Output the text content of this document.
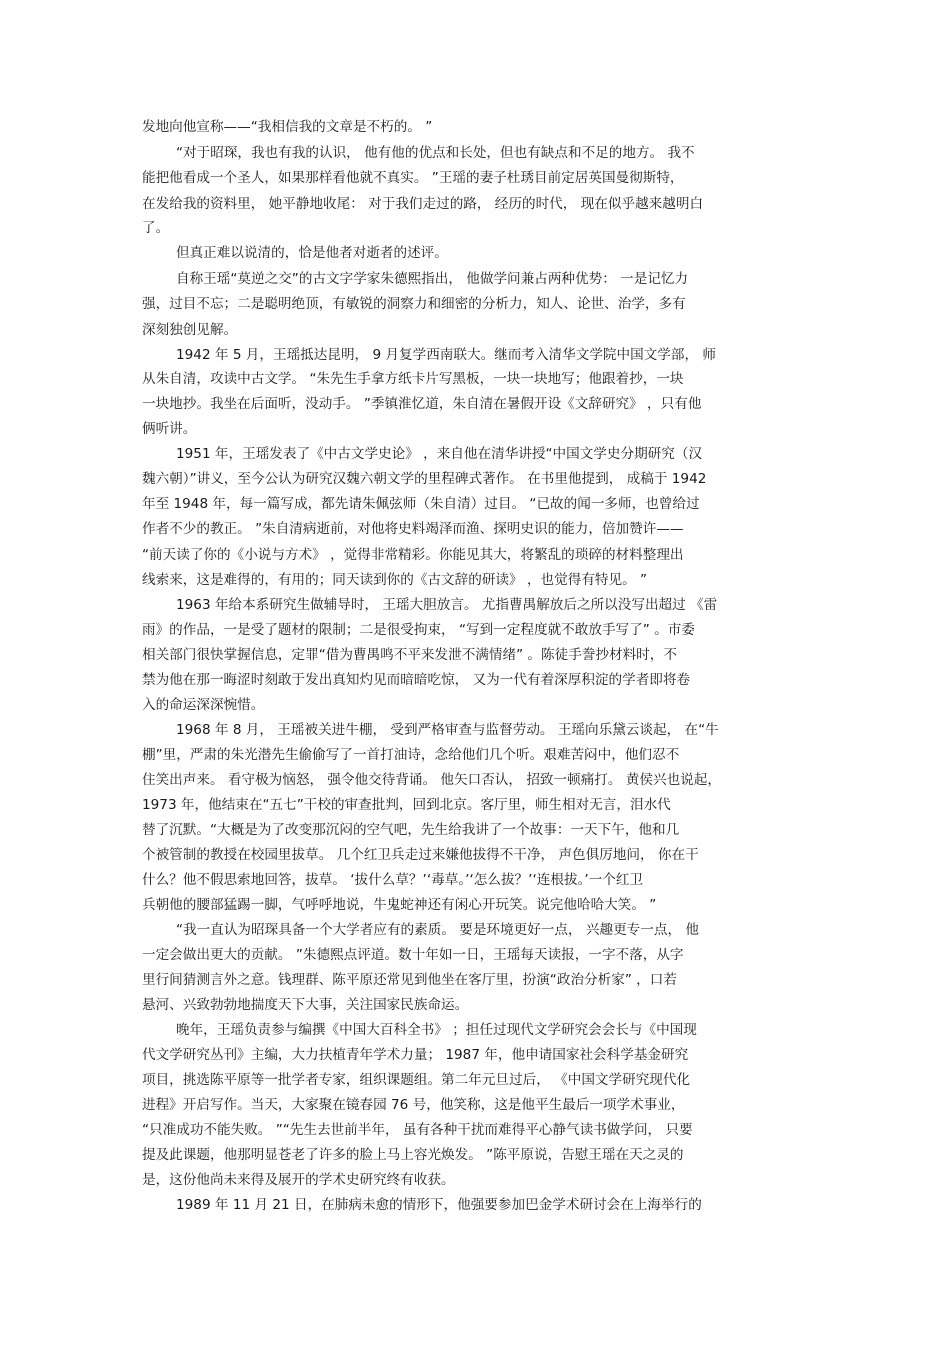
发地向他宣称——“我相信我的文章是不朽的。 ”
“对于昭琛，我也有我的认识， 他有他的优点和长处，但也有缺点和不足的地方。 我不
能把他看成一个圣人，如果那样看他就不真实。 ”王瑶的妻子杜琇目前定居英国曼彻斯特，
在发给我的资料里， 她平静地收尾： 对于我们走过的路， 经历的时代， 现在似乎越来越明白
了。
但真正难以说清的，恰是他者对逝者的述评。
自称王瑶“莫逆之交”的古文字学家朱德熙指出， 他做学问兼占两种优势： 一是记忆力
强，过目不忘；二是聪明绝顶，有敏锐的洞察力和细密的分析力，知人、论世、治学，多有
深刻独创见解。
1942 年 5 月，王瑶抵达昆明， 9 月复学西南联大。继而考入清华文学院中国文学部， 师
从朱自清，攻读中古文学。 “朱先生手拿方纸卡片写黑板，一块一块地写；他跟着抄，一块
一块地抄。我坐在后面听，没动手。 ”季镇淮忆道，朱自清在暑假开设《文辞研究》 ，只有他
俩听讲。
1951 年，王瑶发表了《中古文学史论》 ，来自他在清华讲授“中国文学史分期研究（汉
魏六朝）”讲义，至今公认为研究汉魏六朝文学的里程碑式著作。 在书里他提到， 成稿于 1942
年至 1948 年，每一篇写成，都先请朱佩弦师（朱自清）过目。 “已故的闻一多师，也曾给过
作者不少的教正。 ”朱自清病逝前，对他将史料竭泽而渔、探明史识的能力，倍加赞许——
“前天读了你的《小说与方术》 ，觉得非常精彩。你能见其大，将繁乱的琐碎的材料整理出
线索来，这是难得的，有用的；同天读到你的《古文辞的研读》 ，也觉得有特见。 ”
1963 年给本系研究生做辅导时， 王瑶大胆放言。 尤指曹禺解放后之所以没写出超过 《雷
雨》的作品，一是受了题材的限制；二是很受拘束， “写到一定程度就不敢放手写了” 。市委
相关部门很快掌握信息，定罪“借为曹禺鸣不平来发泄不满情绪” 。陈徒手誊抄材料时，不
禁为他在那一晦涩时刻敢于发出真知灼见而暗暗吃惊， 又为一代有着深厚积淀的学者即将卷
入的命运深深惋惜。
1968 年 8 月， 王瑶被关进牛棚， 受到严格审查与监督劳动。 王瑶向乐黛云谈起， 在“牛
棚”里，严肃的朱光潜先生偷偷写了一首打油诗，念给他们几个听。艰难苦闷中，他们忍不
住笑出声来。 看守极为恼怒， 强令他交待背诵。 他矢口否认， 招致一顿痛打。 黄侯兴也说起，
1973 年，他结束在“五七”干校的审查批判，回到北京。客厅里，师生相对无言，泪水代
替了沉默。“大概是为了改变那沉闷的空气吧，先生给我讲了一个故事：一天下午，他和几
个被管制的教授在校园里拔草。 几个红卫兵走过来嫌他拔得不干净， 声色俱厉地问， 你在干
什么？他不假思索地回答，拔草。 ‘拔什么草？’‘毒草。’‘怎么拔？’‘连根拔。’一个红卫
兵朝他的腰部猛踢一脚，气呼呼地说，牛鬼蛇神还有闲心开玩笑。说完他哈哈大笑。 ”
“我一直认为昭琛具备一个大学者应有的素质。 要是环境更好一点， 兴趣更专一点， 他
一定会做出更大的贡献。 ”朱德熙点评道。数十年如一日，王瑶每天读报，一字不落，从字
里行间猜测言外之意。钱理群、陈平原还常见到他坐在客厅里，扮演“政治分析家” ，口若
悬河、兴致勃勃地揣度天下大事，关注国家民族命运。
晚年，王瑶负责参与编撰《中国大百科全书》 ；担任过现代文学研究会会长与《中国现
代文学研究丛刊》主编，大力扶植青年学术力量； 1987 年，他申请国家社会科学基金研究
项目，挑选陈平原等一批学者专家，组织课题组。第二年元旦过后， 《中国文学研究现代化
进程》开启写作。当天，大家聚在镜春园 76 号，他笑称，这是他平生最后一项学术事业，
“只准成功不能失败。 ”“先生去世前半年， 虽有各种干扰而难得平心静气读书做学问， 只要
提及此课题，他那明显苍老了许多的脸上马上容光焕发。 ”陈平原说，告慰王瑶在天之灵的
是，这份他尚未来得及展开的学术史研究终有收获。
1989 年 11 月 21 日，在肺病未愈的情形下，他强要参加巴金学术研讨会在上海举行的
